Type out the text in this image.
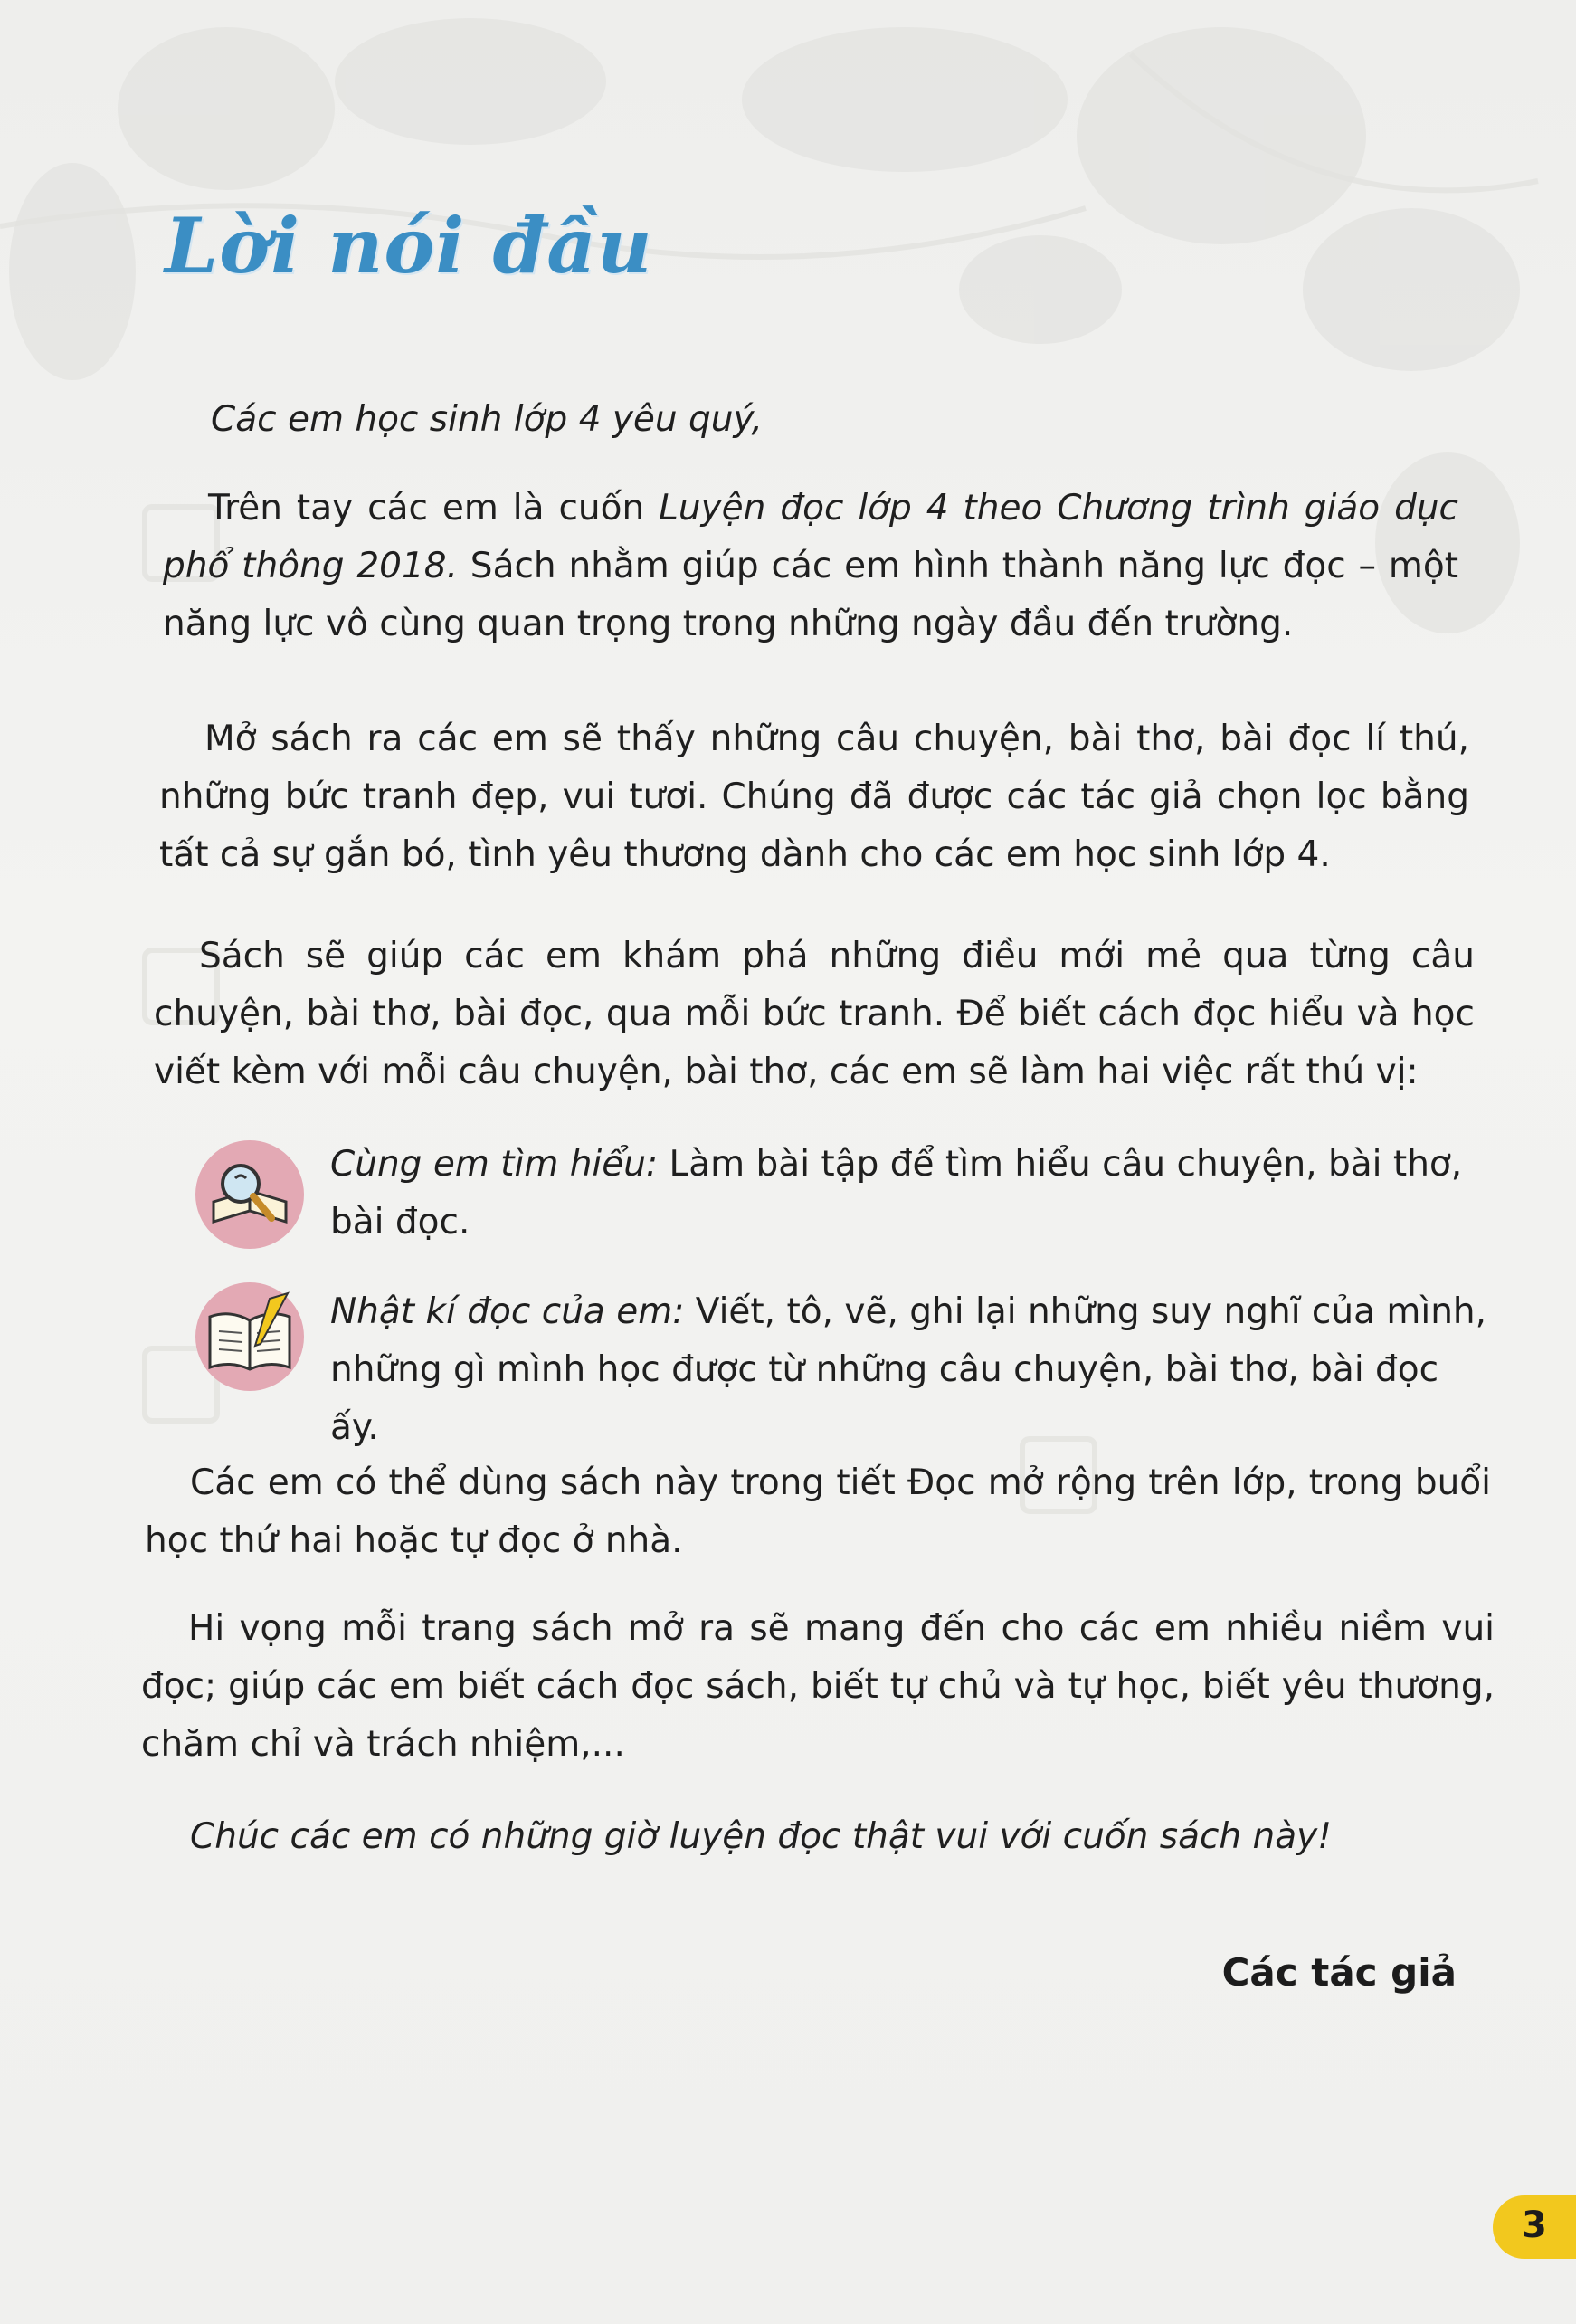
Lời nói đầu

Các em học sinh lớp 4 yêu quý,

Trên tay các em là cuốn Luyện đọc lớp 4 theo Chương trình giáo dục phổ thông 2018. Sách nhằm giúp các em hình thành năng lực đọc – một năng lực vô cùng quan trọng trong những ngày đầu đến trường.

Mở sách ra các em sẽ thấy những câu chuyện, bài thơ, bài đọc lí thú, những bức tranh đẹp, vui tươi. Chúng đã được các tác giả chọn lọc bằng tất cả sự gắn bó, tình yêu thương dành cho các em học sinh lớp 4.

Sách sẽ giúp các em khám phá những điều mới mẻ qua từng câu chuyện, bài thơ, bài đọc, qua mỗi bức tranh. Để biết cách đọc hiểu và học viết kèm với mỗi câu chuyện, bài thơ, các em sẽ làm hai việc rất thú vị:

Cùng em tìm hiểu: Làm bài tập để tìm hiểu câu chuyện, bài thơ, bài đọc.

Nhật kí đọc của em: Viết, tô, vẽ, ghi lại những suy nghĩ của mình, những gì mình học được từ những câu chuyện, bài thơ, bài đọc ấy.

Các em có thể dùng sách này trong tiết Đọc mở rộng trên lớp, trong buổi học thứ hai hoặc tự đọc ở nhà.

Hi vọng mỗi trang sách mở ra sẽ mang đến cho các em nhiều niềm vui đọc; giúp các em biết cách đọc sách, biết tự chủ và tự học, biết yêu thương, chăm chỉ và trách nhiệm,...

Chúc các em có những giờ luyện đọc thật vui với cuốn sách này!

Các tác giả

3
